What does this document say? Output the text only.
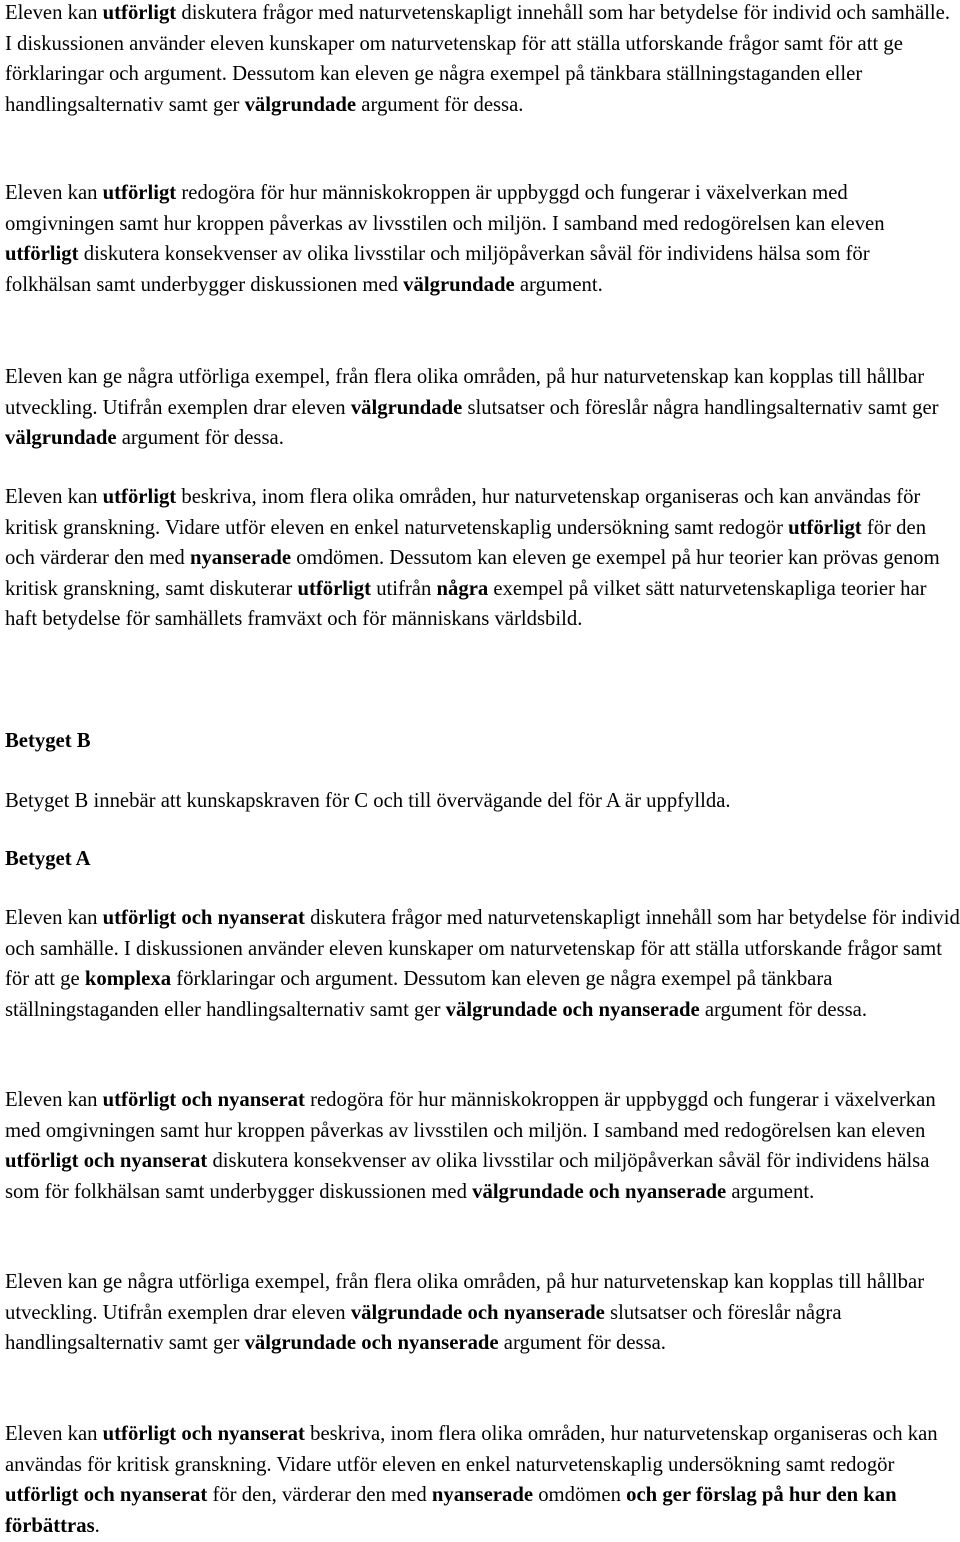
Eleven kan utförligt diskutera frågor med naturvetenskapligt innehåll som har betydelse för individ och samhälle. I diskussionen använder eleven kunskaper om naturvetenskap för att ställa utforskande frågor samt för att ge förklaringar och argument. Dessutom kan eleven ge några exempel på tänkbara ställningstaganden eller handlingsalternativ samt ger välgrundade argument för dessa.

Eleven kan utförligt redogöra för hur människokroppen är uppbyggd och fungerar i växelverkan med omgivningen samt hur kroppen påverkas av livsstilen och miljön. I samband med redogörelsen kan eleven utförligt diskutera konsekvenser av olika livsstilar och miljöpåverkan såväl för individens hälsa som för folkhälsan samt underbygger diskussionen med välgrundade argument.

Eleven kan ge några utförliga exempel, från flera olika områden, på hur naturvetenskap kan kopplas till hållbar utveckling. Utifrån exemplen drar eleven välgrundade slutsatser och föreslår några handlingsalternativ samt ger välgrundade argument för dessa.

Eleven kan utförligt beskriva, inom flera olika områden, hur naturvetenskap organiseras och kan användas för kritisk granskning. Vidare utför eleven en enkel naturvetenskaplig undersökning samt redogör utförligt för den och värderar den med nyanserade omdömen. Dessutom kan eleven ge exempel på hur teorier kan prövas genom kritisk granskning, samt diskuterar utförligt utifrån några exempel på vilket sätt naturvetenskapliga teorier har haft betydelse för samhällets framväxt och för människans världsbild.

Betyget B

Betyget B innebär att kunskapskraven för C och till övervägande del för A är uppfyllda.

Betyget A

Eleven kan utförligt och nyanserat diskutera frågor med naturvetenskapligt innehåll som har betydelse för individ och samhälle. I diskussionen använder eleven kunskaper om naturvetenskap för att ställa utforskande frågor samt för att ge komplexa förklaringar och argument. Dessutom kan eleven ge några exempel på tänkbara ställningstaganden eller handlingsalternativ samt ger välgrundade och nyanserade argument för dessa.

Eleven kan utförligt och nyanserat redogöra för hur människokroppen är uppbyggd och fungerar i växelverkan med omgivningen samt hur kroppen påverkas av livsstilen och miljön. I samband med redogörelsen kan eleven utförligt och nyanserat diskutera konsekvenser av olika livsstilar och miljöpåverkan såväl för individens hälsa som för folkhälsan samt underbygger diskussionen med välgrundade och nyanserade argument.

Eleven kan ge några utförliga exempel, från flera olika områden, på hur naturvetenskap kan kopplas till hållbar utveckling. Utifrån exemplen drar eleven välgrundade och nyanserade slutsatser och föreslår några handlingsalternativ samt ger välgrundade och nyanserade argument för dessa.

Eleven kan utförligt och nyanserat beskriva, inom flera olika områden, hur naturvetenskap organiseras och kan användas för kritisk granskning. Vidare utför eleven en enkel naturvetenskaplig undersökning samt redogör utförligt och nyanserat för den, värderar den med nyanserade omdömen och ger förslag på hur den kan förbättras.
